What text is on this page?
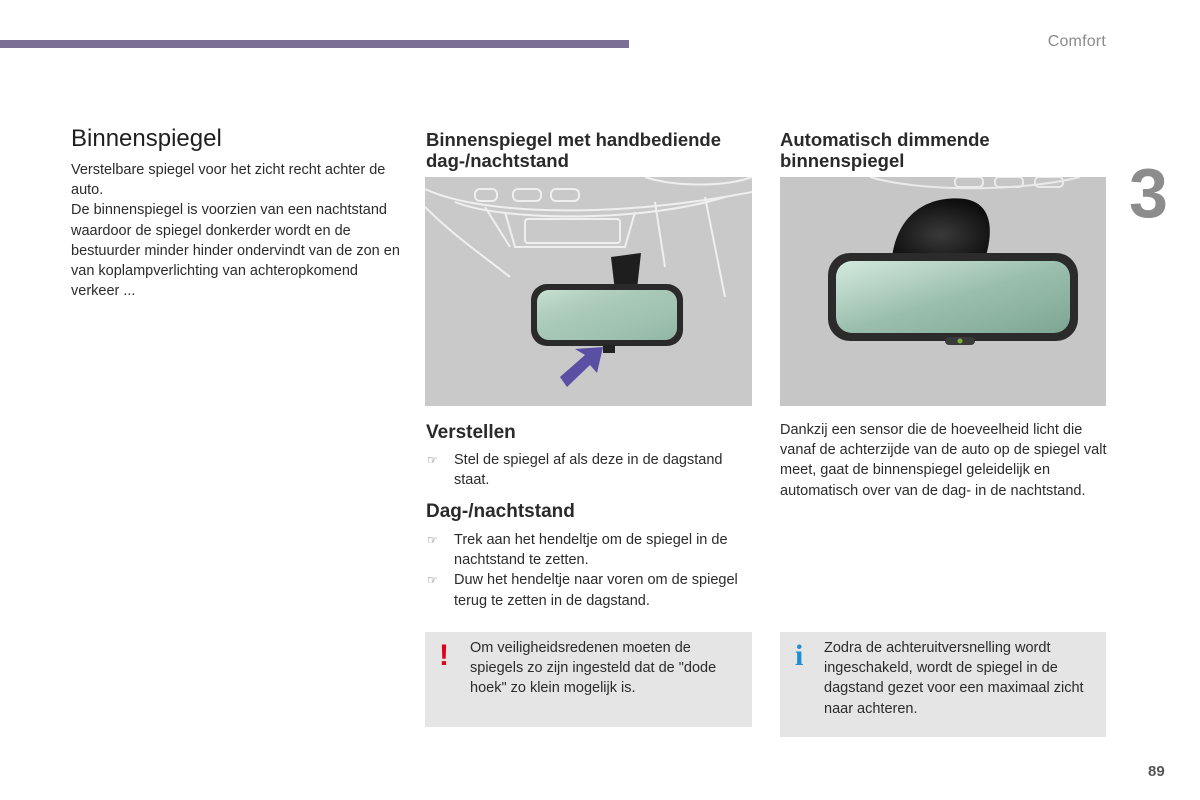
Comfort
3
89
Binnenspiegel

Verstelbare spiegel voor het zicht recht achter de auto.

De binnenspiegel is voorzien van een nachtstand waardoor de spiegel donkerder wordt en de bestuurder minder hinder ondervindt van de zon en van koplampverlichting van achteropkomend verkeer ...

Binnenspiegel met handbediende dag-/nachtstand
Verstellen
☞ Stel de spiegel af als deze in de dagstand staat.
Dag-/nachtstand
☞ Trek aan het hendeltje om de spiegel in de nachtstand te zetten.
☞ Duw het hendeltje naar voren om de spiegel terug te zetten in de dagstand.
! Om veiligheidsredenen moeten de spiegels zo zijn ingesteld dat de "dode hoek" zo klein mogelijk is.
Automatisch dimmende binnenspiegel

Dankzij een sensor die de hoeveelheid licht die vanaf de achterzijde van de auto op de spiegel valt meet, gaat de binnenspiegel geleidelijk en automatisch over van de dag- in de nachtstand.

i Zodra de achteruitversnelling wordt ingeschakeld, wordt de spiegel in de dagstand gezet voor een maximaal zicht naar achteren.
